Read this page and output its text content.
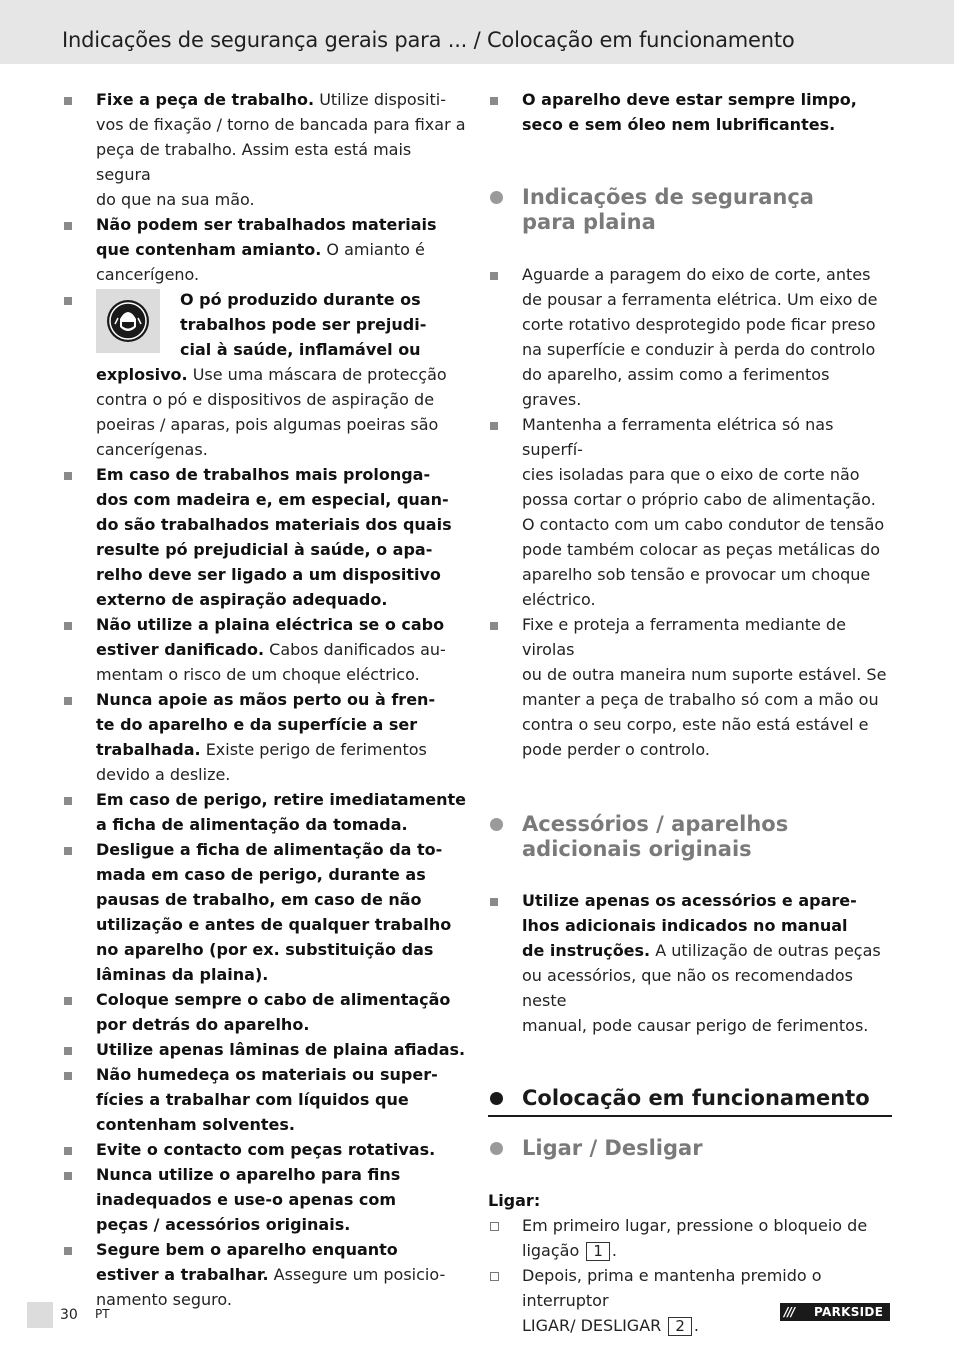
Indicações de segurança gerais para ... / Colocação em funcionamento
Fixe a peça de trabalho. Utilize dispositi-
vos de fixação / torno de bancada para fixar a
peça de trabalho. Assim esta está mais segura
do que na sua mão.
Não podem ser trabalhados materiais
que contenham amianto. O amianto é
cancerígeno.
O pó produzido durante os
trabalhos pode ser prejudi-
cial à saúde, inflamável ou
explosivo. Use uma máscara de protecção
contra o pó e dispositivos de aspiração de
poeiras / aparas, pois algumas poeiras são
cancerígenas.
Em caso de trabalhos mais prolonga-
dos com madeira e, em especial, quan-
do são trabalhados materiais dos quais
resulte pó prejudicial à saúde, o apa-
relho deve ser ligado a um dispositivo
externo de aspiração adequado.
Não utilize a plaina eléctrica se o cabo
estiver danificado. Cabos danificados au-
mentam o risco de um choque eléctrico.
Nunca apoie as mãos perto ou à fren-
te do aparelho e da superfície a ser
trabalhada. Existe perigo de ferimentos
devido a deslize.
Em caso de perigo, retire imediatamente
a ficha de alimentação da tomada.
Desligue a ficha de alimentação da to-
mada em caso de perigo, durante as
pausas de trabalho, em caso de não
utilização e antes de qualquer trabalho
no aparelho (por ex. substituição das
lâminas da plaina).
Coloque sempre o cabo de alimentação
por detrás do aparelho.
Utilize apenas lâminas de plaina afiadas.
Não humedeça os materiais ou super-
fícies a trabalhar com líquidos que
contenham solventes.
Evite o contacto com peças rotativas.
Nunca utilize o aparelho para fins
inadequados e use-o apenas com
peças / acessórios originais.
Segure bem o aparelho enquanto
estiver a trabalhar. Assegure um posicio-
namento seguro.
O aparelho deve estar sempre limpo,
seco e sem óleo nem lubrificantes.
Indicações de segurança
para plaina
Aguarde a paragem do eixo de corte, antes
de pousar a ferramenta elétrica. Um eixo de
corte rotativo desprotegido pode ficar preso
na superfície e conduzir à perda do controlo
do aparelho, assim como a ferimentos graves.
Mantenha a ferramenta elétrica só nas superfí-
cies isoladas para que o eixo de corte não
possa cortar o próprio cabo de alimentação.
O contacto com um cabo condutor de tensão
pode também colocar as peças metálicas do
aparelho sob tensão e provocar um choque
eléctrico.
Fixe e proteja a ferramenta mediante de virolas
ou de outra maneira num suporte estável. Se
manter a peça de trabalho só com a mão ou
contra o seu corpo, este não está estável e
pode perder o controlo.
Acessórios / aparelhos
adicionais originais
Utilize apenas os acessórios e apare-
lhos adicionais indicados no manual
de instruções. A utilização de outras peças
ou acessórios, que não os recomendados neste
manual, pode causar perigo de ferimentos.
Colocação em funcionamento
Ligar / Desligar
Ligar:
Em primeiro lugar, pressione o bloqueio de
ligação 1 .
Depois, prima e mantenha premido o interruptor
LIGAR/ DESLIGAR 2 .
30 PT	/// PARKSIDE
